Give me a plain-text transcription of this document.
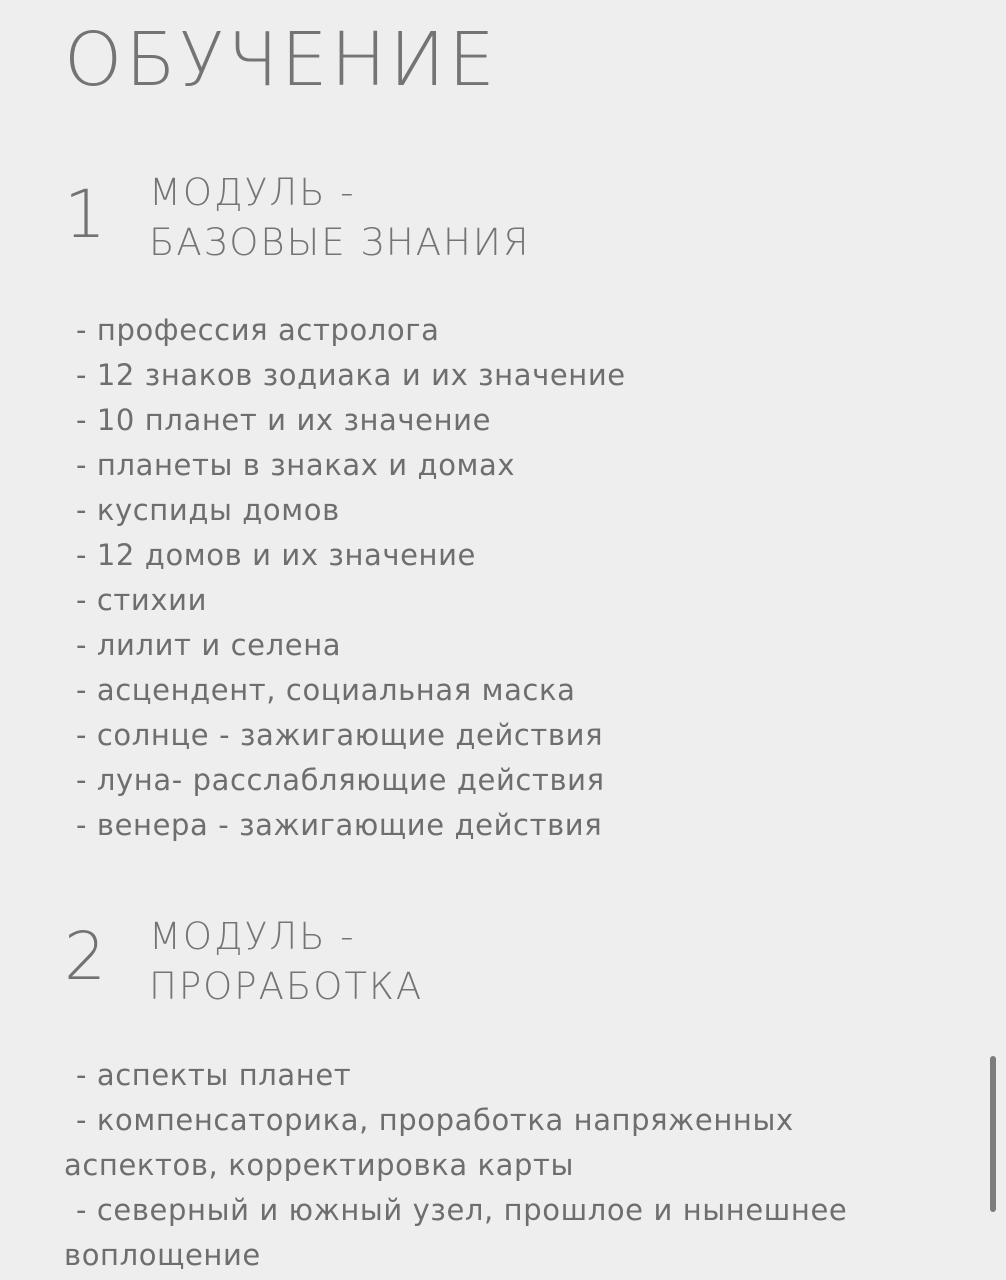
ОБУЧЕНИЕ
1 МОДУЛЬ -
БАЗОВЫЕ ЗНАНИЯ
- профессия астролога
- 12 знаков зодиака и их значение
- 10 планет и их значение
- планеты в знаках и домах
- куспиды домов
- 12 домов и их значение
- стихии
- лилит и селена
- асцендент, социальная маска
- солнце - зажигающие действия
- луна- расслабляющие действия
- венера - зажигающие действия
2 МОДУЛЬ -
ПРОРАБОТКА
- аспекты планет
- компенсаторика, проработка напряженных
аспектов, корректировка карты
- северный и южный узел, прошлое и нынешнее
воплощение
